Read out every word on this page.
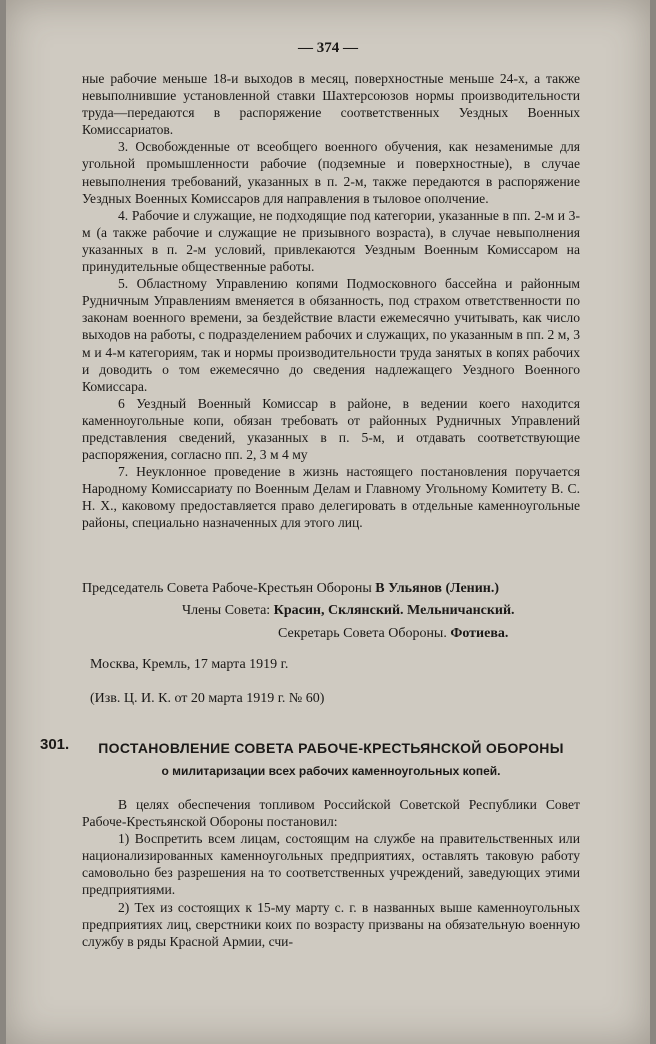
— 374 —

ные рабочие меньше 18-и выходов в месяц, поверхностные меньше 24-х, а также невыполнившие установленной ставки Шахтерсоюзов нормы производительности труда—передаются в распоряжение соответственных Уездных Военных Комиссариатов.

3. Освобожденные от всеобщего военного обучения, как незаменимые для угольной промышленности рабочие (подземные и поверхностные), в случае невыполнения требований, указанных в п. 2-м, также передаются в распоряжение Уездных Военных Комиссаров для направления в тыловое ополчение.

4. Рабочие и служащие, не подходящие под категории, указанные в пп. 2-м и 3-м (а также рабочие и служащие не призывного возраста), в случае невыполнения указанных в п. 2-м условий, привлекаются Уездным Военным Комиссаром на принудительные общественные работы.

5. Областному Управлению копями Подмосковного бассейна и районным Рудничным Управлениям вменяется в обязанность, под страхом ответственности по законам военного времени, за бездействие власти ежемесячно учитывать, как число выходов на работы, с подразделением рабочих и служащих, по указанным в пп. 2 м, 3 м и 4-м категориям, так и нормы производительности труда занятых в копях рабочих и доводить о том ежемесячно до сведения надлежащего Уездного Военного Комиссара.

6 Уездный Военный Комиссар в районе, в ведении коего находится каменноугольные копи, обязан требовать от районных Рудничных Управлений представления сведений, указанных в п. 5-м, и отдавать соответствующие распоряжения, согласно пп. 2, 3 м 4 му

7. Неуклонное проведение в жизнь настоящего постановления поручается Народному Комиссариату по Военным Делам и Главному Угольному Комитету В. С. Н. Х., каковому предоставляется право делегировать в отдельные каменноугольные районы, специально назначенных для этого лиц.

Председатель Совета Рабоче-Крестьян Обороны В Ульянов (Ленин.)

Члены Совета: Красин, Склянский. Мельничанский.

Секретарь Совета Обороны. Фотиева.

Москва, Кремль, 17 марта 1919 г.

(Изв. Ц. И. К. от 20 марта 1919 г. № 60)

301.	ПОСТАНОВЛЕНИЕ СОВЕТА РАБОЧЕ-КРЕСТЬЯНСКОЙ ОБОРОНЫ
о милитаризации всех рабочих каменноугольных копей.

В целях обеспечения топливом Российской Советской Республики Совет Рабоче-Крестьянской Обороны постановил:

1) Воспретить всем лицам, состоящим на службе на правительственных или национализированных каменноугольных предприятиях, оставлять таковую работу самовольно без разрешения на то соответственных учреждений, заведующих этими предприятиями.

2) Тех из состоящих к 15-му марту с. г. в названных выше каменноугольных предприятиях лиц, сверстники коих по возрасту призваны на обязательную военную службу в ряды Красной Армии, счи-
